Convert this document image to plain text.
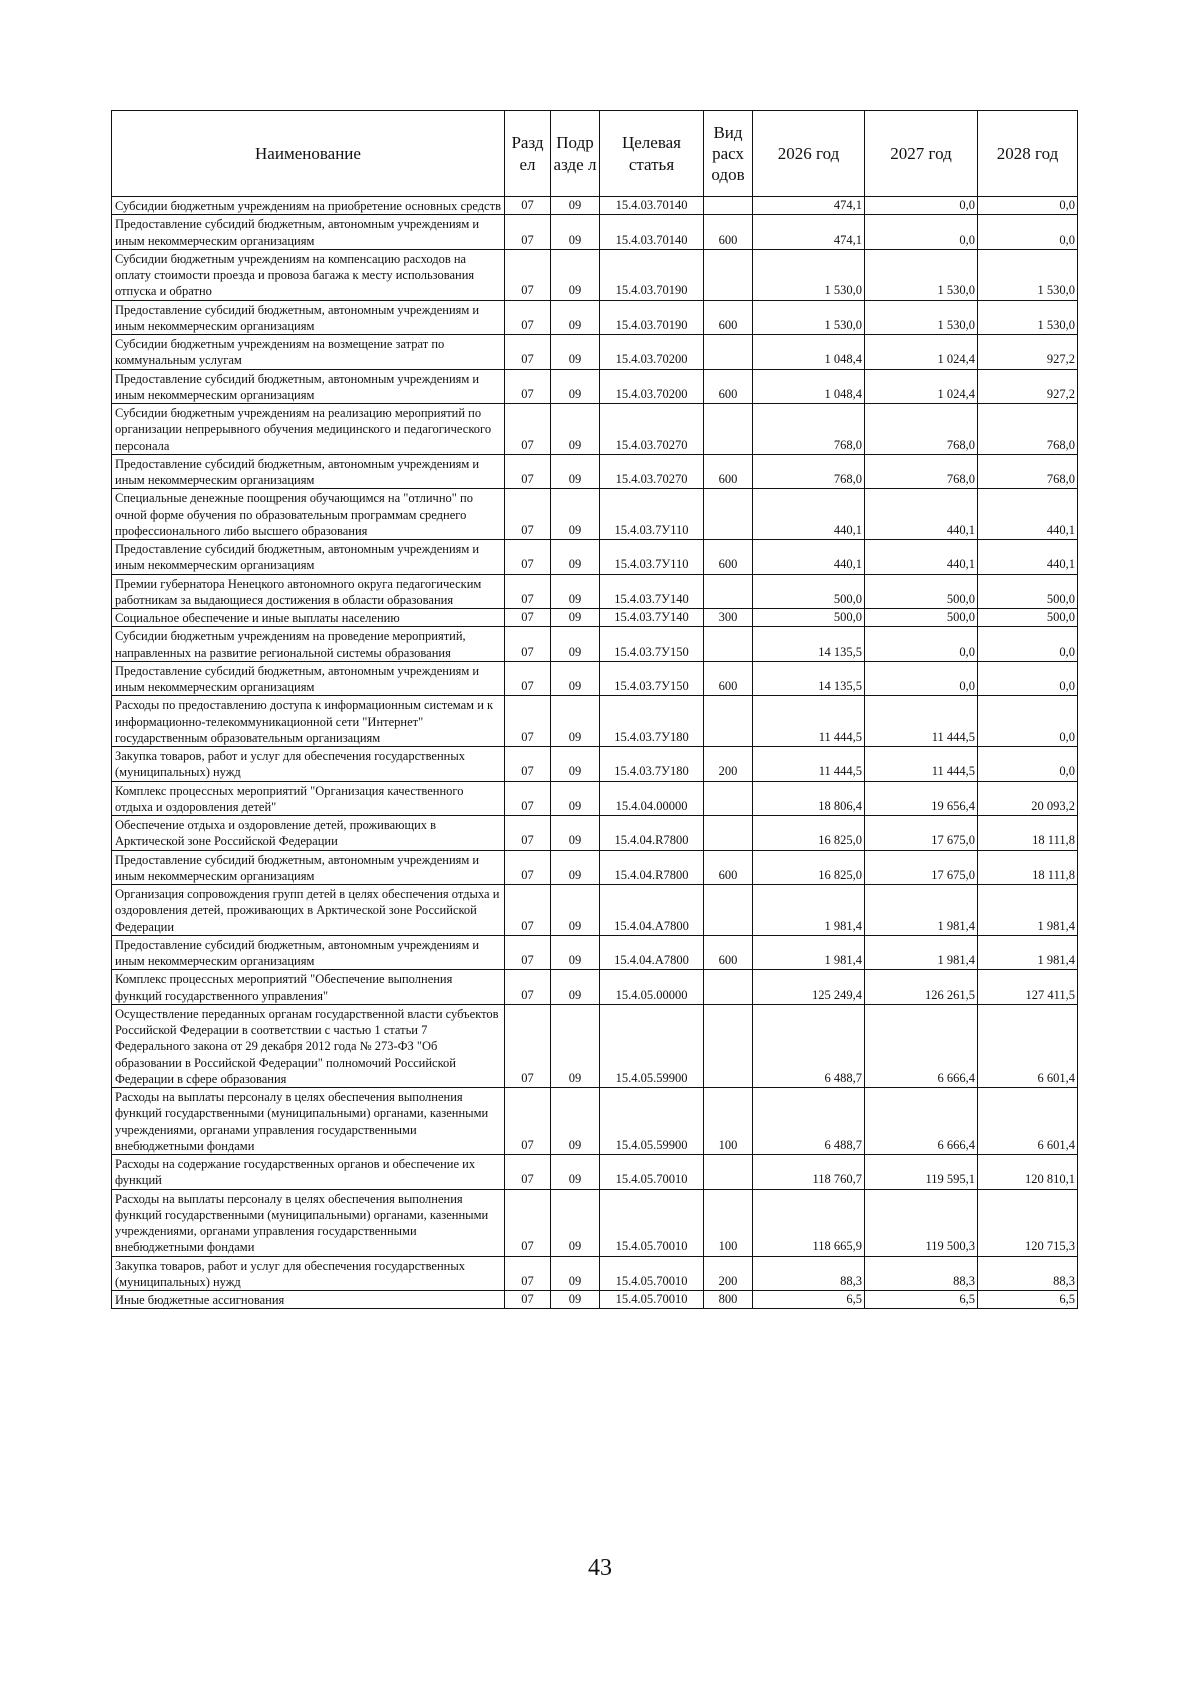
Наименование	Разд ел	Подр азде л	Целевая статья	Вид расх одов	2026 год	2027 год	2028 год
Субсидии бюджетным учреждениям на приобретение основных средств	07	09	15.4.03.70140		474,1	0,0	0,0
Предоставление субсидий бюджетным, автономным учреждениям и иным некоммерческим организациям	07	09	15.4.03.70140	600	474,1	0,0	0,0
Субсидии бюджетным учреждениям на компенсацию расходов на оплату стоимости проезда и провоза багажа к месту использования отпуска и обратно	07	09	15.4.03.70190		1 530,0	1 530,0	1 530,0
Предоставление субсидий бюджетным, автономным учреждениям и иным некоммерческим организациям	07	09	15.4.03.70190	600	1 530,0	1 530,0	1 530,0
Субсидии бюджетным учреждениям на возмещение затрат по коммунальным услугам	07	09	15.4.03.70200		1 048,4	1 024,4	927,2
Предоставление субсидий бюджетным, автономным учреждениям и иным некоммерческим организациям	07	09	15.4.03.70200	600	1 048,4	1 024,4	927,2
Субсидии бюджетным учреждениям на реализацию мероприятий по организации непрерывного обучения медицинского и педагогического персонала	07	09	15.4.03.70270		768,0	768,0	768,0
Предоставление субсидий бюджетным, автономным учреждениям и иным некоммерческим организациям	07	09	15.4.03.70270	600	768,0	768,0	768,0
Специальные денежные поощрения обучающимся на "отлично" по очной форме обучения по образовательным программам среднего профессионального либо высшего образования	07	09	15.4.03.7У110		440,1	440,1	440,1
Предоставление субсидий бюджетным, автономным учреждениям и иным некоммерческим организациям	07	09	15.4.03.7У110	600	440,1	440,1	440,1
Премии губернатора Ненецкого автономного округа педагогическим работникам за выдающиеся достижения в области образования	07	09	15.4.03.7У140		500,0	500,0	500,0
Социальное обеспечение и иные выплаты населению	07	09	15.4.03.7У140	300	500,0	500,0	500,0
Субсидии бюджетным учреждениям на проведение мероприятий, направленных на развитие региональной системы образования	07	09	15.4.03.7У150		14 135,5	0,0	0,0
Предоставление субсидий бюджетным, автономным учреждениям и иным некоммерческим организациям	07	09	15.4.03.7У150	600	14 135,5	0,0	0,0
Расходы по предоставлению доступа к информационным системам и к информационно-телекоммуникационной сети "Интернет" государственным образовательным организациям	07	09	15.4.03.7У180		11 444,5	11 444,5	0,0
Закупка товаров, работ и услуг для обеспечения государственных (муниципальных) нужд	07	09	15.4.03.7У180	200	11 444,5	11 444,5	0,0
Комплекс процессных мероприятий "Организация качественного отдыха и оздоровления детей"	07	09	15.4.04.00000		18 806,4	19 656,4	20 093,2
Обеспечение отдыха и оздоровление детей, проживающих в Арктической зоне Российской Федерации	07	09	15.4.04.R7800		16 825,0	17 675,0	18 111,8
Предоставление субсидий бюджетным, автономным учреждениям и иным некоммерческим организациям	07	09	15.4.04.R7800	600	16 825,0	17 675,0	18 111,8
Организация сопровождения групп детей в целях обеспечения отдыха и оздоровления детей, проживающих в Арктической зоне Российской Федерации	07	09	15.4.04.A7800		1 981,4	1 981,4	1 981,4
Предоставление субсидий бюджетным, автономным учреждениям и иным некоммерческим организациям	07	09	15.4.04.A7800	600	1 981,4	1 981,4	1 981,4
Комплекс процессных мероприятий "Обеспечение выполнения функций государственного управления"	07	09	15.4.05.00000		125 249,4	126 261,5	127 411,5
Осуществление переданных органам государственной власти субъектов Российской Федерации в соответствии с частью 1 статьи 7 Федерального закона от 29 декабря 2012 года № 273-ФЗ "Об образовании в Российской Федерации" полномочий Российской Федерации в сфере образования	07	09	15.4.05.59900		6 488,7	6 666,4	6 601,4
Расходы на выплаты персоналу в целях обеспечения выполнения функций государственными (муниципальными) органами, казенными учреждениями, органами управления государственными внебюджетными фондами	07	09	15.4.05.59900	100	6 488,7	6 666,4	6 601,4
Расходы на содержание государственных органов и обеспечение их функций	07	09	15.4.05.70010		118 760,7	119 595,1	120 810,1
Расходы на выплаты персоналу в целях обеспечения выполнения функций государственными (муниципальными) органами, казенными учреждениями, органами управления государственными внебюджетными фондами	07	09	15.4.05.70010	100	118 665,9	119 500,3	120 715,3
Закупка товаров, работ и услуг для обеспечения государственных (муниципальных) нужд	07	09	15.4.05.70010	200	88,3	88,3	88,3
Иные бюджетные ассигнования	07	09	15.4.05.70010	800	6,5	6,5	6,5
43
